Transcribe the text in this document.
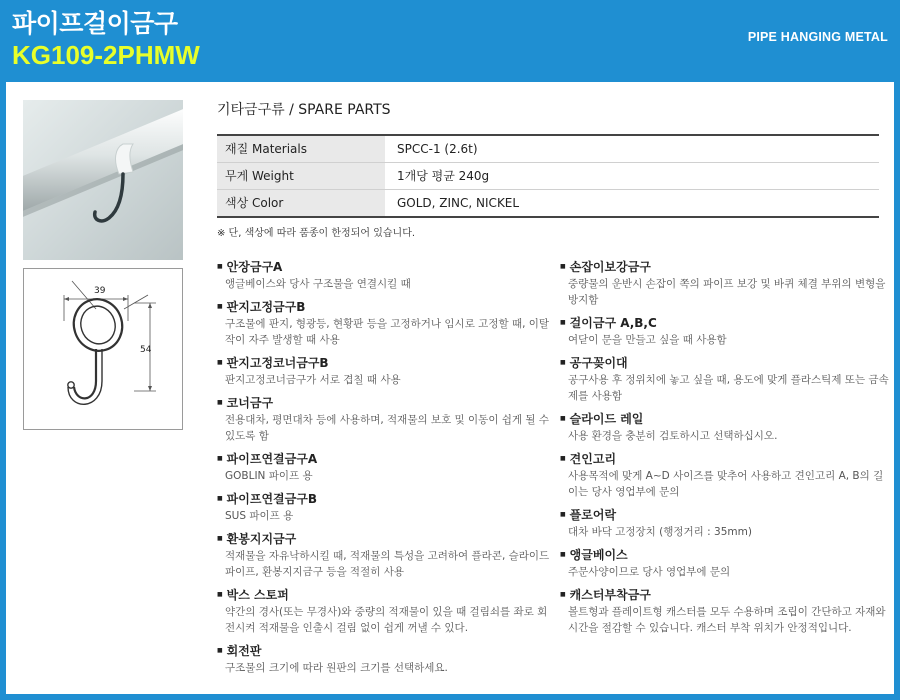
파이프걸이금구
KG109-2PHMW
PIPE HANGING METAL
39
54
기타금구류 / SPARE PARTS
재질 Materials	SPCC-1 (2.6t)
무게 Weight	1개당 평균 240g
색상 Color	GOLD, ZINC, NICKEL
※ 단, 색상에 따라 품종이 한정되어 있습니다.
■ 안장금구A
앵글베이스와 당사 구조물을 연결시킬 때
■ 판지고정금구B
구조물에 판지, 형광등, 현황판 등을 고정하거나 임시로 고정할 때, 이탈작이 자주 발생할 때 사용
■ 판지고정코너금구B
판지고정코너금구가 서로 겹칠 때 사용
■ 코너금구
전용대차, 평면대차 등에 사용하며, 적재물의 보호 및 이동이 쉽게 될 수 있도록 함
■ 파이프연결금구A
GOBLIN 파이프 용
■ 파이프연결금구B
SUS 파이프 용
■ 환봉지지금구
적재물을 자유낙하시킬 때, 적재물의 특성을 고려하여 플라콘, 슬라이드 파이프, 환봉지지금구 등을 적절히 사용
■ 박스 스토퍼
약간의 경사(또는 무경사)와 중량의 적재물이 있을 때 걸림쇠를 좌로 회전시켜 적재물을 인출시 걸림 없이 쉽게 꺼낼 수 있다.
■ 회전판
구조물의 크기에 따라 원판의 크기를 선택하세요.
■ 손잡이보강금구
중량물의 운반시 손잡이 쪽의 파이프 보강 및 바퀴 체결 부위의 변형을 방지함
■ 걸이금구 A,B,C
여닫이 문을 만들고 싶을 때 사용함
■ 공구꽂이대
공구사용 후 정위치에 놓고 싶을 때, 용도에 맞게 플라스틱제 또는 금속제를 사용함
■ 슬라이드 레일
사용 환경을 충분히 검토하시고 선택하십시오.
■ 견인고리
사용목적에 맞게 A~D 사이즈를 맞추어 사용하고 견인고리 A, B의 길이는 당사 영업부에 문의
■ 플로어락
대차 바닥 고정장치 (행정거리 : 35mm)
■ 앵글베이스
주문사양이므로 당사 영업부에 문의
■ 캐스터부착금구
볼트형과 플레이트형 캐스터를 모두 수용하며 조립이 간단하고 자재와 시간을 절감할 수 있습니다. 캐스터 부착 위치가 안정적입니다.
